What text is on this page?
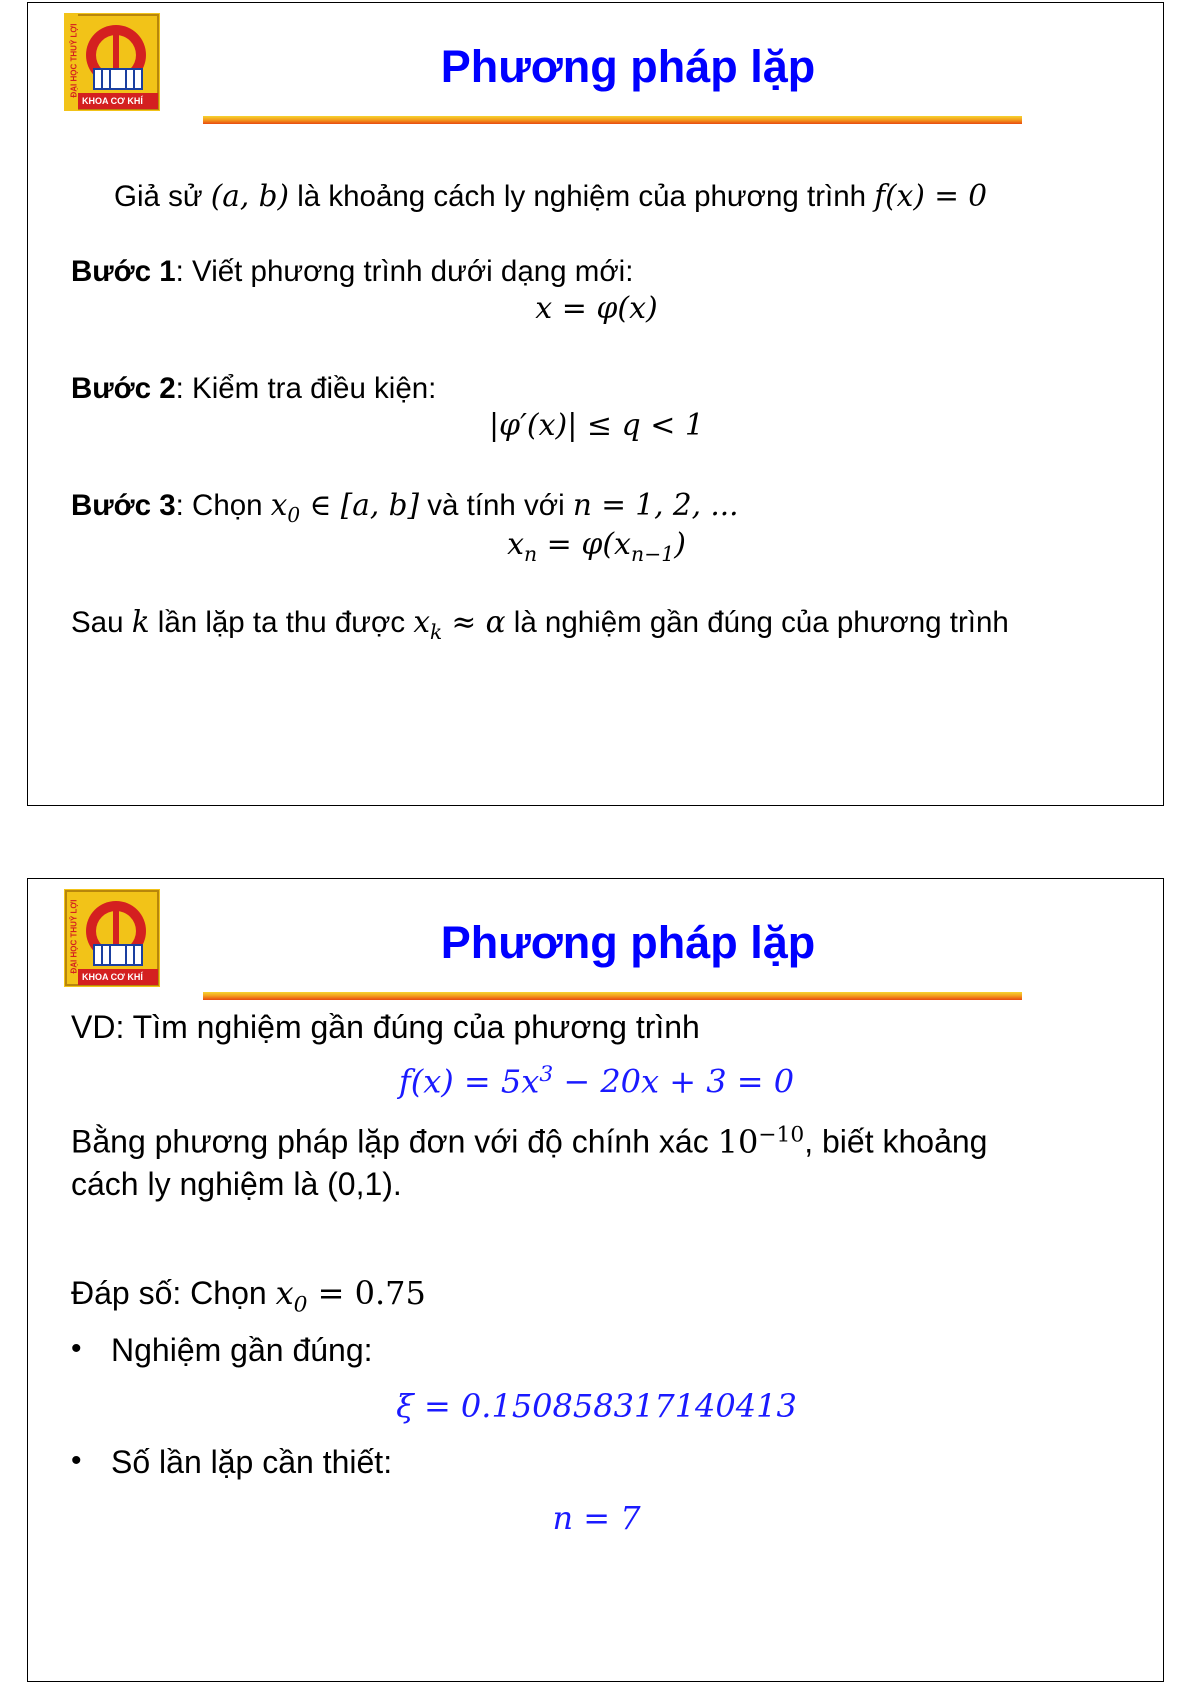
ĐẠI HỌC THUỶ LỢI
KHOA CƠ KHÍ
Phương pháp lặp
Giả sử (a, b) là khoảng cách ly nghiệm của phương trình f(x) = 0
Bước 1: Viết phương trình dưới dạng mới:
x = φ(x)
Bước 2: Kiểm tra điều kiện:
|φ′(x)| ≤ q < 1
Bước 3: Chọn $x_0$ ∈ [a, b] và tính với n = 1, 2, ...
$x_n = \varphi(x_{n-1})$
Sau k lần lặp ta thu được $x_k \approx \alpha$ là nghiệm gần đúng của phương trình
ĐẠI HỌC THUỶ LỢI
KHOA CƠ KHÍ
Phương pháp lặp
VD: Tìm nghiệm gần đúng của phương trình
$f(x) = 5x^3 - 20x + 3 = 0$
Bằng phương pháp lặp đơn với độ chính xác $10^{-10}$, biết khoảng
cách ly nghiệm là (0,1).
Đáp số: Chọn $x_0 = 0.75$
• Nghiệm gần đúng:
ξ = 0.150858317140413
• Số lần lặp cần thiết:
n = 7
